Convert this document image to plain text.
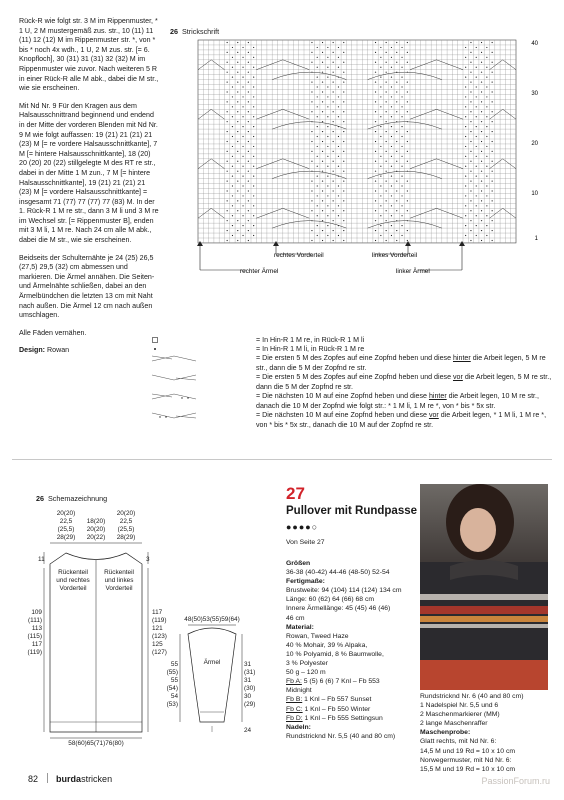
Rück-R wie folgt str. 3 M im Rippenmuster, * 1 U, 2 M mustergemäß zus. str., 10 (11) 11 (11) 12 (12) M im Rippenmuster str. *, von * bis * noch 4x wdh., 1 U, 2 M zus. str. [= 6. Knopfloch], 30 (31) 31 (31) 32 (32) M im Rippenmuster wie zuvor. Nach weiteren 5 R in einer Rück-R alle M abk., dabei die M str., wie sie erscheinen.

Mit Nd Nr. 9 Für den Kragen aus dem Halsausschnittrand beginnend und endend in der Mitte der vorderen Blenden mit Nd Nr. 9 M wie folgt auffassen: 19 (21) 21 (21) 21 (23) M [= re vordere Halsausschnittkante], 7 M [= hintere Halsausschnittkante], 18 (20) 20 (20) 20 (22) stillgelegte M des RT re str., dabei in der Mitte 1 M zun., 7 M [= hintere Halsausschnittkante], 19 (21) 21 (21) 21 (23) M [= vordere Halsausschnittkante] = insgesamt 71 (77) 77 (77) 77 (83) M. In der 1. Rück-R 1 M re str., dann 3 M li und 3 M re im Wechsel str. [= Rippenmuster B], enden mit 3 M li, 1 M re. Nach 24 cm alle M abk., dabei die M str., wie sie erscheinen.

Beidseits der Schulternähte je 24 (25) 26,5 (27,5) 29,5 (32) cm abmessen und markieren. Die Ärmel annähen. Die Seiten- und Ärmelnähte schließen, dabei an den Ärmelbündchen die letzten 13 cm mit Naht nach außen. Die Ärmel 12 cm nach außen umschlagen.

Alle Fäden vernähen.

Design: Rowan

26 Strickschrift
40
30
20
10
1
rechtes Vorderteil	linkes Vorderteil
rechter Ärmel	linker Ärmel
= In Hin-R 1 M re, in Rück-R 1 M li
= In Hin-R 1 M li, in Rück-R 1 M re
= Die ersten 5 M des Zopfes auf eine Zopfnd heben und diese hinter die Arbeit legen, 5 M re str., dann die 5 M der Zopfnd re str.
= Die ersten 5 M des Zopfes auf eine Zopfnd heben und diese vor die Arbeit legen, 5 M re str., dann die 5 M der Zopfnd re str.
= Die nächsten 10 M auf eine Zopfnd heben und diese hinter die Arbeit legen, 10 M re str., danach die 10 M der Zopfnd wie folgt str.: * 1 M li, 1 M re *, von * bis * 5x str.
= Die nächsten 10 M auf eine Zopfnd heben und diese vor die Arbeit legen, * 1 M li, 1 M re *, von * bis * 5x str., danach die 10 M auf der Zopfnd re str.
26 Schemazeichnung
20(20)
22,5
(25,5)
28(29)
18(20)
20(20)
20(22)
20(20)
22,5
(25,5)
28(29)
11	3
109
(111)
113
(115)
117
(119)
117
(119)
121
(123)
125
(127)
Rückenteil
und rechtes
Vorderteil
Rückenteil
und linkes
Vorderteil
58(60)65(71)76(80)
48(50)53(55)59(64)
Ärmel
55
(55)
55
(54)
54
(53)
31
(31)
31
(30)
30
(29)
24
27
Pullover mit Rundpasse
●●●●○
Von Seite 27

Größen

36-38 (40-42) 44-46 (48-50) 52-54

Fertigmaße:

Brustweite: 94 (104) 114 (124) 134 cm

Länge: 60 (62) 64 (66) 68 cm

Innere Ärmellänge: 45 (45) 46 (46)

46 cm

Material:

Rowan, Tweed Haze

40 % Mohair, 39 % Alpaka,

10 % Polyamid, 8 % Baumwolle,

3 % Polyester

50 g – 120 m

Fb A: 5 (5) 6 (6) 7 Knl – Fb 553

Midnight

Fb B: 1 Knl – Fb 557 Sunset

Fb C: 1 Knl – Fb 550 Winter

Fb D: 1 Knl – Fb 555 Settingsun

Nadeln:

Rundstricknd Nr. 5,5 (40 and 80 cm)

Rundstricknd Nr. 6 (40 and 80 cm)

1 Nadelspiel Nr. 5,5 und 6

2 Maschenmarkierer (MM)

2 lange Maschenraffer

Maschenprobe:

Glatt rechts, mit Nd Nr. 6:

14,5 M und 19 Rd = 10 x 10 cm

Norwegermuster, mit Nd Nr. 6:

15,5 M und 19 Rd = 10 x 10 cm

82 burdastricken	PassionForum.ru
